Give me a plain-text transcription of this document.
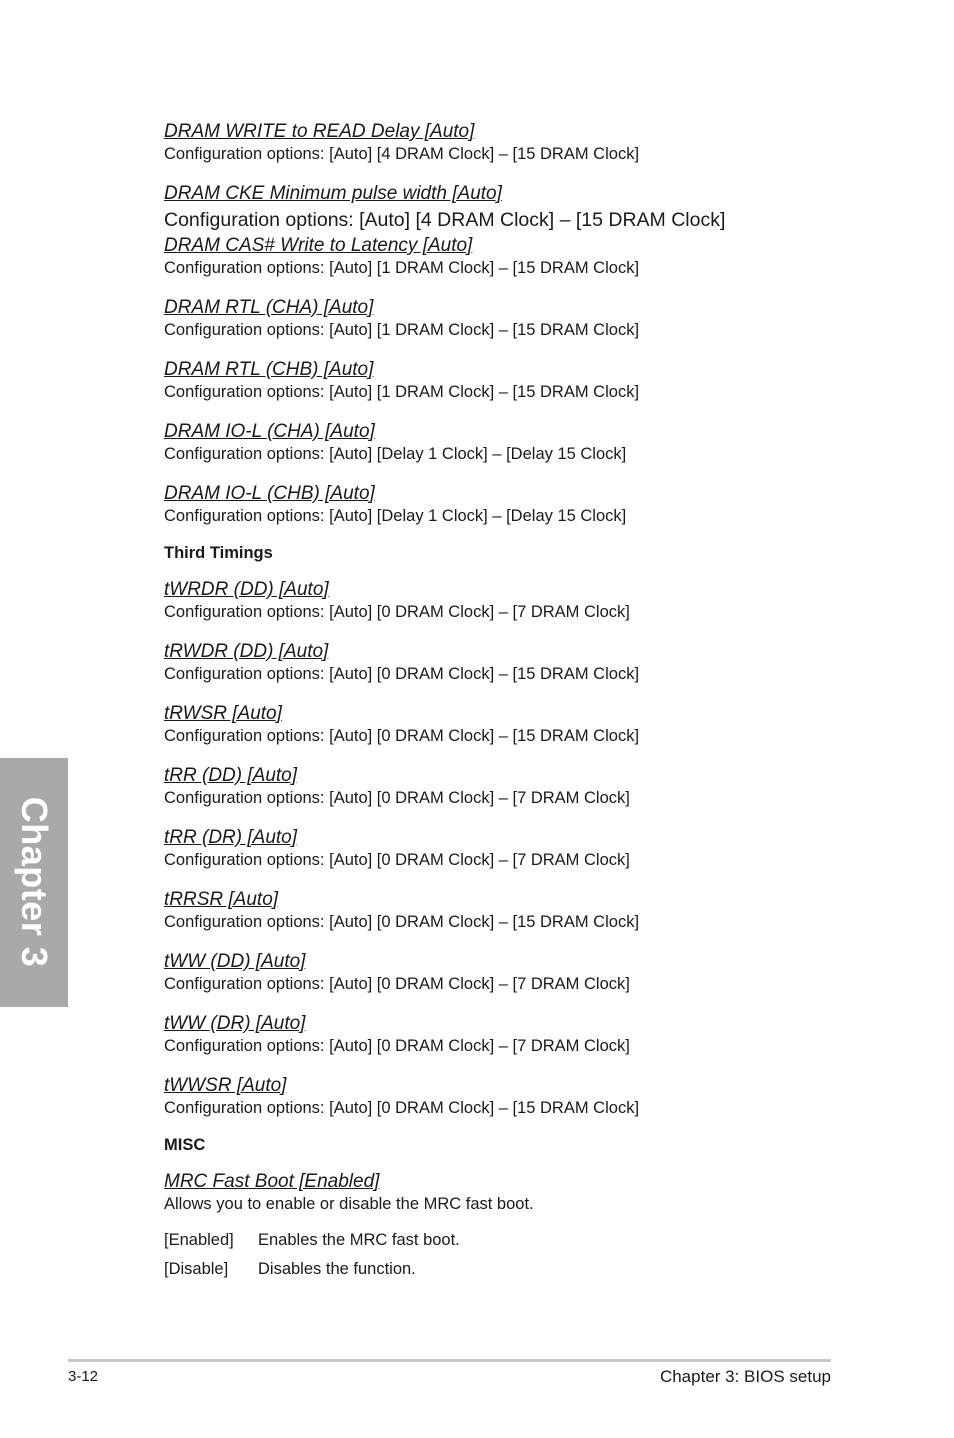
DRAM WRITE to READ Delay [Auto]
Configuration options: [Auto] [4 DRAM Clock] – [15 DRAM Clock]
DRAM CKE Minimum pulse width [Auto]
Configuration options: [Auto] [4 DRAM Clock] – [15 DRAM Clock]
DRAM CAS# Write to Latency [Auto]
Configuration options: [Auto] [1 DRAM Clock] – [15 DRAM Clock]
DRAM RTL (CHA) [Auto]
Configuration options: [Auto] [1 DRAM Clock] – [15 DRAM Clock]
DRAM RTL (CHB) [Auto]
Configuration options: [Auto] [1 DRAM Clock] – [15 DRAM Clock]
DRAM IO-L (CHA) [Auto]
Configuration options: [Auto] [Delay 1 Clock] – [Delay 15 Clock]
DRAM IO-L (CHB) [Auto]
Configuration options: [Auto] [Delay 1 Clock] – [Delay 15 Clock]
Third Timings
tWRDR (DD) [Auto]
Configuration options: [Auto] [0 DRAM Clock] – [7 DRAM Clock]
tRWDR (DD) [Auto]
Configuration options: [Auto] [0 DRAM Clock] – [15 DRAM Clock]
tRWSR [Auto]
Configuration options: [Auto] [0 DRAM Clock] – [15 DRAM Clock]
tRR (DD) [Auto]
Configuration options: [Auto] [0 DRAM Clock] – [7 DRAM Clock]
tRR (DR) [Auto]
Configuration options: [Auto] [0 DRAM Clock] – [7 DRAM Clock]
tRRSR [Auto]
Configuration options: [Auto] [0 DRAM Clock] – [15 DRAM Clock]
tWW (DD) [Auto]
Configuration options: [Auto] [0 DRAM Clock] – [7 DRAM Clock]
tWW (DR) [Auto]
Configuration options: [Auto] [0 DRAM Clock] – [7 DRAM Clock]
tWWSR [Auto]
Configuration options: [Auto] [0 DRAM Clock] – [15 DRAM Clock]
MISC
MRC Fast Boot [Enabled]
Allows you to enable or disable the MRC fast boot.
[Enabled]	Enables the MRC fast boot.
[Disable]	Disables the function.
Chapter 3
3-12	Chapter 3: BIOS setup
